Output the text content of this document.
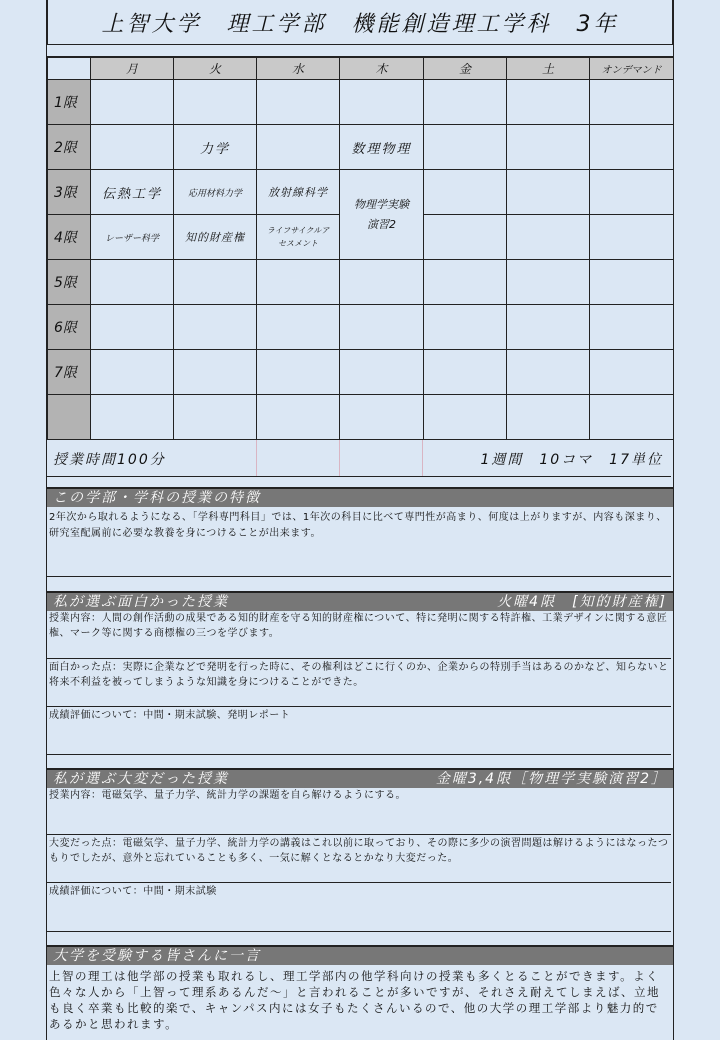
上智大学　理工学部　機能創造理工学科　3年
	月	火	水	木	金	土	オンデマンド
1限							
2限		力学		数理物理			
3限	伝熱工学	応用材料力学	放射線科学	物理学実験
演習2			

4限	レーザー科学	知的財産権	ライフサイクルア
セスメント				

5限							
6限							
7限							

授業時間100分	1週間　10コマ　17単位
この学部・学科の授業の特徴
2年次から取れるようになる、「学科専門科目」では、1年次の科目に比べて専門性が高まり、何度は上がりますが、内容も深まり、研究室配属前に必要な教養を身につけることが出来ます。
私が選ぶ面白かった授業	火曜4限　[知的財産権]
授業内容：人間の創作活動の成果である知的財産を守る知的財産権について、特に発明に関する特許権、工業デザインに関する意匠権、マーク等に関する商標権の三つを学びます。
面白かった点：実際に企業などで発明を行った時に、その権利はどこに行くのか、企業からの特別手当はあるのかなど、知らないと将来不利益を被ってしまうような知識を身につけることができた。
成績評価について：中間・期末試験、発明レポート
私が選ぶ大変だった授業	金曜3,4限［物理学実験演習2］
授業内容：電磁気学、量子力学、統計力学の課題を自ら解けるようにする。
大変だった点：電磁気学、量子力学、統計力学の講義はこれ以前に取っており、その際に多少の演習問題は解けるようにはなったつもりでしたが、意外と忘れていることも多く、一気に解くとなるとかなり大変だった。
成績評価について：中間・期末試験
大学を受験する皆さんに一言
上智の理工は他学部の授業も取れるし、理工学部内の他学科向けの授業も多くとることができます。よく色々な人から「上智って理系あるんだ〜」と言われることが多いですが、それさえ耐えてしまえば、立地も良く卒業も比較的楽で、キャンパス内には女子もたくさんいるので、他の大学の理工学部より魅力的であるかと思われます。
